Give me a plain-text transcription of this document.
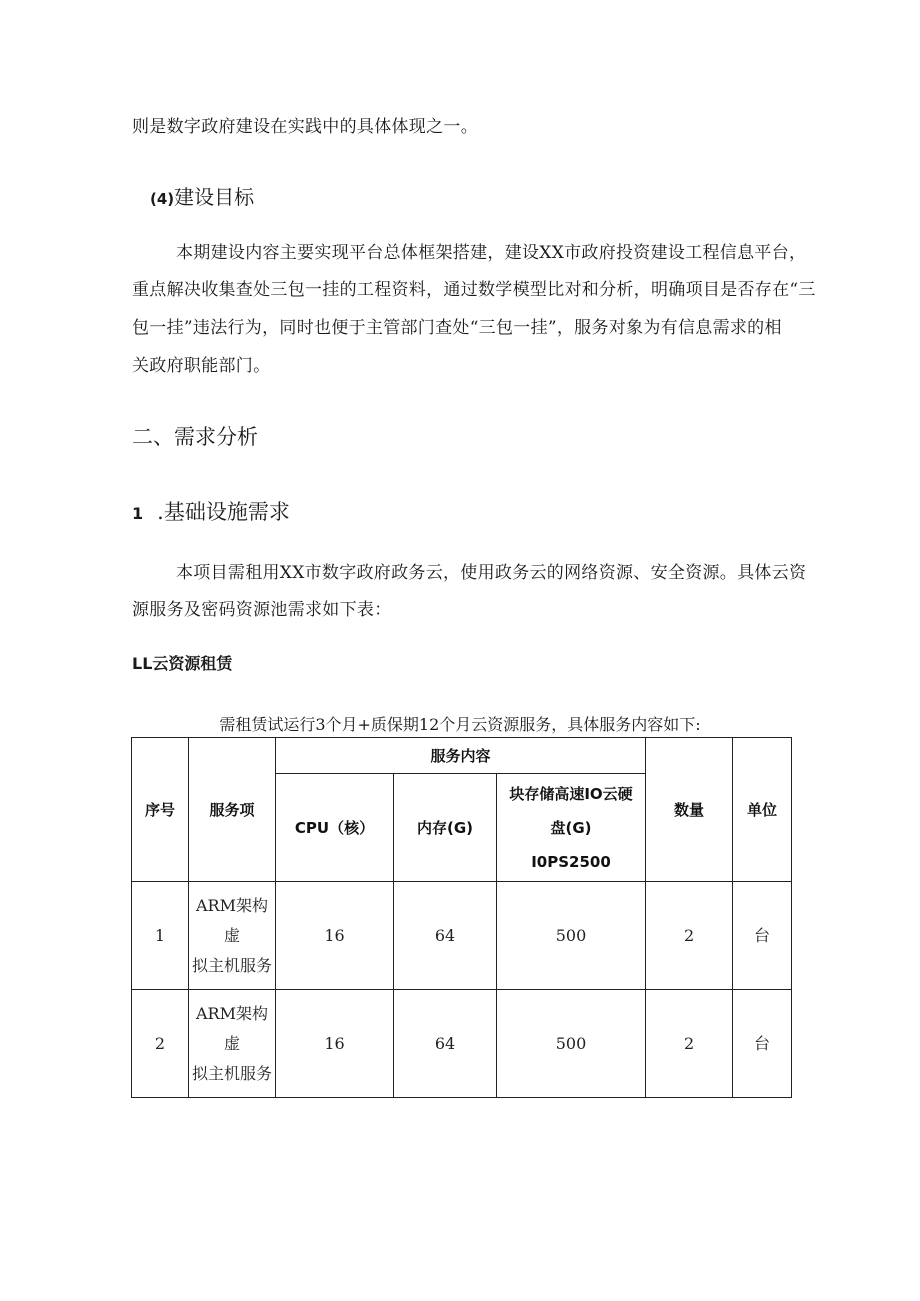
则是数字政府建设在实践中的具体体现之一。
(4)建设目标
本期建设内容主要实现平台总体框架搭建，建设XX市政府投资建设工程信息平台，
重点解决收集查处三包一挂的工程资料，通过数学模型比对和分析，明确项目是否存在“三
包一挂”违法行为，同时也便于主管部门查处“三包一挂”，服务对象为有信息需求的相
关政府职能部门。
二、需求分析
1 .基础设施需求
本项目需租用XX市数字政府政务云，使用政务云的网络资源、安全资源。具体云资
源服务及密码资源池需求如下表：
LL云资源租赁
需租赁试运行3个月+质保期12个月云资源服务，具体服务内容如下:
序号	服务项	服务内容			数量	单位
		CPU（核）	内存(G)	块存储高速IO云硬
盘(G)
I0PS2500		

1	ARM架构虚
拟主机服务	16	64	500	2	台
2	ARM架构虚
拟主机服务	16	64	500	2	台
